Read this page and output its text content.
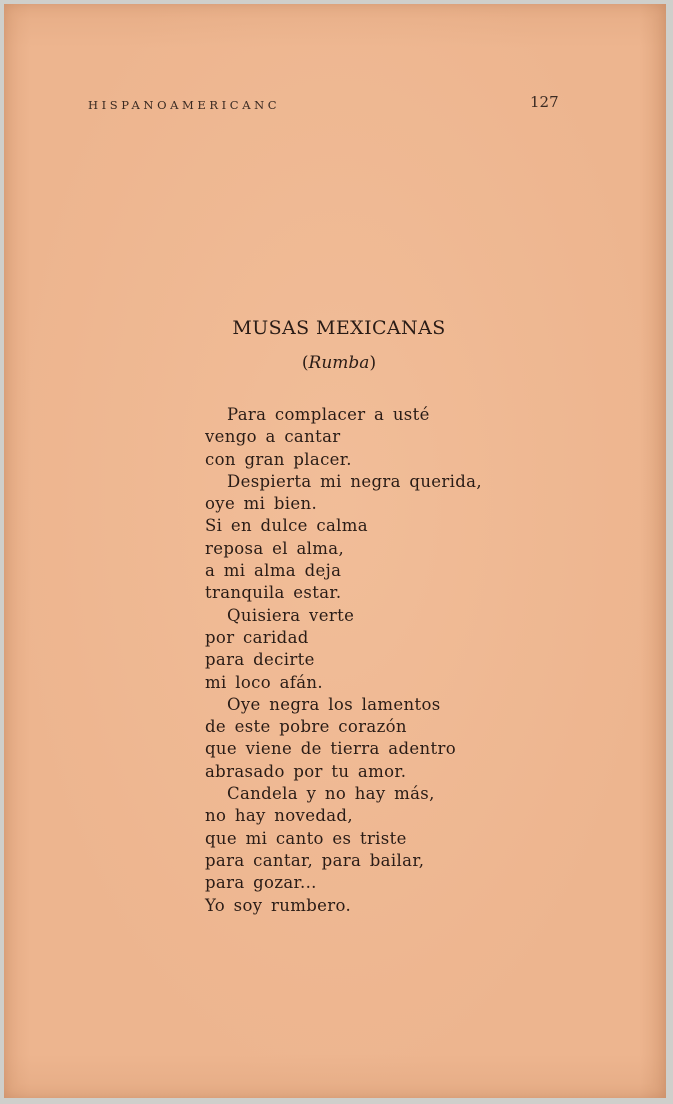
HISPANOAMERICANC	127
MUSAS MEXICANAS
(Rumba)
Para complacer a usté
vengo a cantar
con gran placer.
Despierta mi negra querida,
oye mi bien.
Si en dulce calma
reposa el alma,
a mi alma deja
tranquila estar.
Quisiera verte
por caridad
para decirte
mi loco afán.
Oye negra los lamentos
de este pobre corazón
que viene de tierra adentro
abrasado por tu amor.
Candela y no hay más,
no hay novedad,
que mi canto es triste
para cantar, para bailar,
para gozar...
Yo soy rumbero.
